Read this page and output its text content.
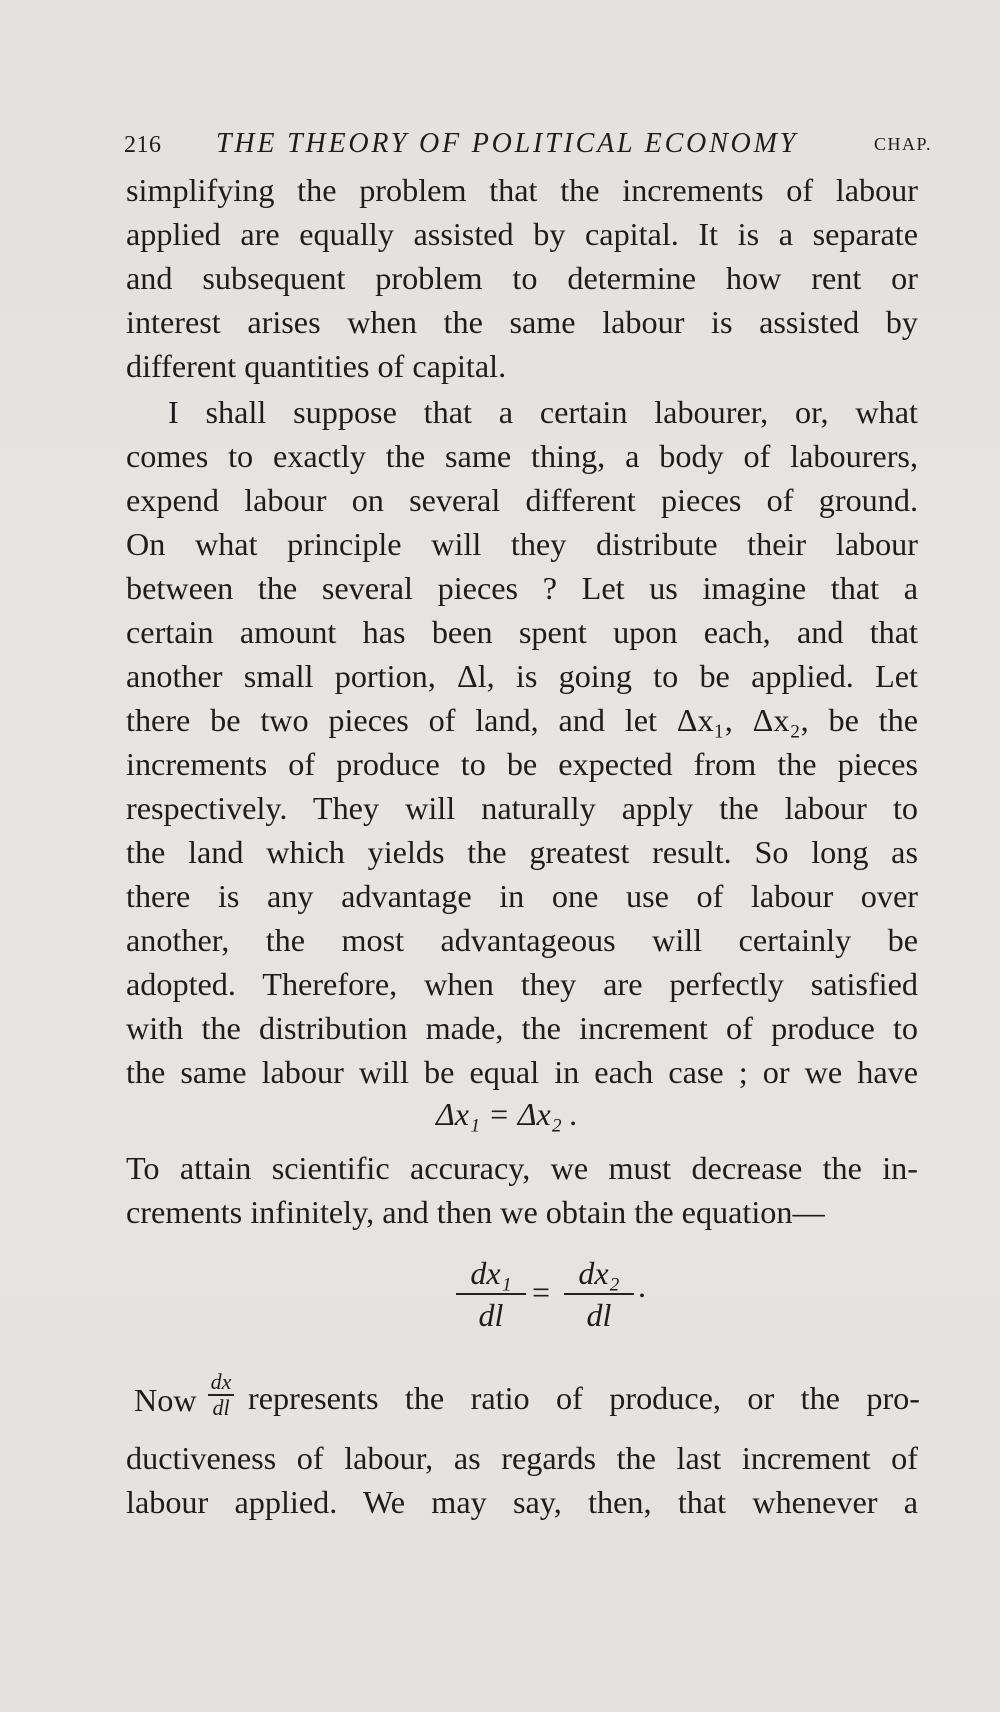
216 THE THEORY OF POLITICAL ECONOMY	CHAP.
simplifying the problem that the increments of labour
applied are equally assisted by capital. It is a separate
and subsequent problem to determine how rent or
interest arises when the same labour is assisted by
different quantities of capital.
I shall suppose that a certain labourer, or, what
comes to exactly the same thing, a body of labourers,
expend labour on several different pieces of ground.
On what principle will they distribute their labour
between the several pieces ? Let us imagine that a
certain amount has been spent upon each, and that
another small portion, Δl, is going to be applied. Let
there be two pieces of land, and let Δx₁, Δx₂, be the
increments of produce to be expected from the pieces
respectively. They will naturally apply the labour to
the land which yields the greatest result. So long as
there is any advantage in one use of labour over
another, the most advantageous will certainly be
adopted. Therefore, when they are perfectly satisfied
with the distribution made, the increment of produce to
the same labour will be equal in each case ; or we have
Δx₁ = Δx₂ .
To attain scientific accuracy, we must decrease the in-
crements infinitely, and then we obtain the equation—
dx₁
dl
=
dx₂
dl
.
Now
dx
dl represents the ratio of produce, or the pro-
ductiveness of labour, as regards the last increment of
labour applied. We may say, then, that whenever a
